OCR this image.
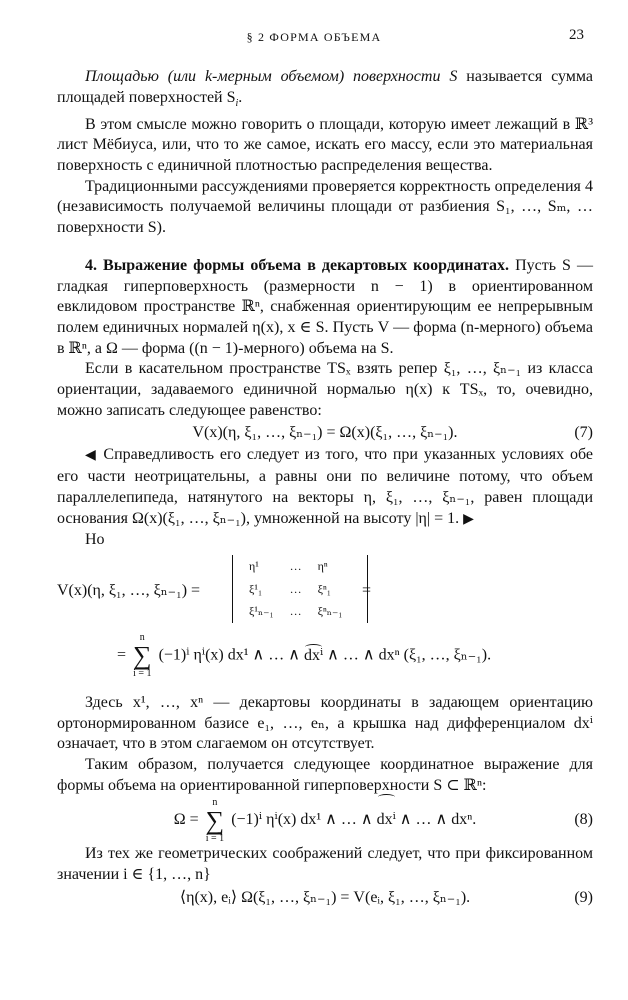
§ 2 ФОРМА ОБЪЕМА	23

Площадью (или k-мерным объемом) поверхности S называется сумма площадей поверхностей $S_i$.

В этом смысле можно говорить о площади, которую имеет лежащий в ℝ³ лист Мёбиуса, или, что то же самое, искать его массу, если это материальная поверхность с единичной плотностью распределения вещества.

Традиционными рассуждениями проверяется корректность определения 4 (независимость получаемой величины площади от разбиения S₁, …, Sₘ, … поверхности S).

4. Выражение формы объема в декартовых координатах. Пусть S — гладкая гиперповерхность (размерности n − 1) в ориентированном евклидовом пространстве ℝⁿ, снабженная ориентирующим ее непрерывным полем единичных нормалей η(x), x ∈ S. Пусть V — форма (n-мерного) объема в ℝⁿ, а Ω — форма ((n − 1)-мерного) объема на S.

Если в касательном пространстве TSₓ взять репер ξ₁, …, ξₙ₋₁ из класса ориентации, задаваемого единичной нормалью η(x) к TSₓ, то, очевидно, можно записать следующее равенство:

V(x)(η, ξ₁, …, ξₙ₋₁) = Ω(x)(ξ₁, …, ξₙ₋₁).	(7)

◀ Справедливость его следует из того, что при указанных условиях обе его части неотрицательны, а равны они по величине потому, что объем параллелепипеда, натянутого на векторы η, ξ₁, …, ξₙ₋₁, равен площади основания Ω(x)(ξ₁, …, ξₙ₋₁), умноженной на высоту |η| = 1. ▶

Но

V(x)(η, ξ₁, …, ξₙ₋₁) =
η¹	…	ηⁿ
ξ¹₁	…	ξⁿ₁
ξ¹ₙ₋₁	…	ξⁿₙ₋₁
=
=
n
∑
i = 1
(−1)ⁱ ηⁱ(x) dx¹ ∧ … ∧ dxⁱ ∧ … ∧ dxⁿ (ξ₁, …, ξₙ₋₁).

Здесь x¹, …, xⁿ — декартовы координаты в задающем ориентацию ортонормированном базисе e₁, …, eₙ, а крышка над дифференциалом dxⁱ означает, что в этом слагаемом он отсутствует.

Таким образом, получается следующее координатное выражение для формы объема на ориентированной гиперповерхности S ⊂ ℝⁿ:

Ω =
n
∑
i = 1
(−1)ⁱ ηⁱ(x) dx¹ ∧ … ∧ dxⁱ ∧ … ∧ dxⁿ.	(8)

Из тех же геометрических соображений следует, что при фиксированном значении i ∈ {1, …, n}

⟨η(x), eᵢ⟩ Ω(ξ₁, …, ξₙ₋₁) = V(eᵢ, ξ₁, …, ξₙ₋₁).	(9)
